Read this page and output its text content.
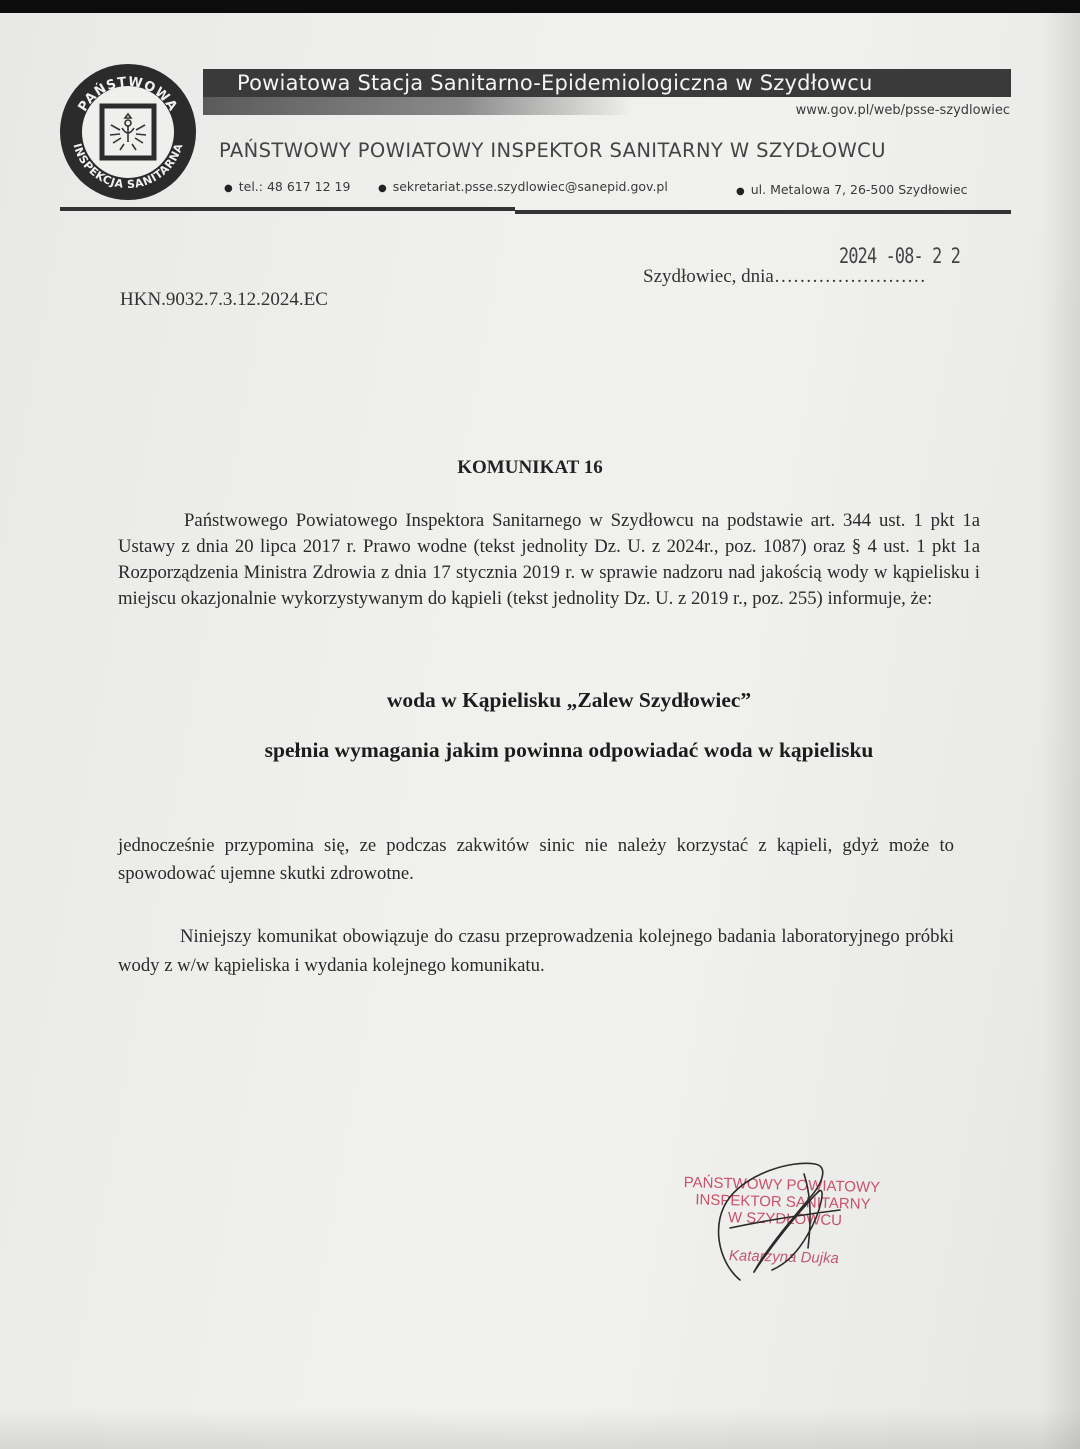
PAŃSTWOWA
INSPEKCJA SANITARNA
Powiatowa Stacja Sanitarno-Epidemiologiczna w Szydłowcu
www.gov.pl/web/psse-szydlowiec
PAŃSTWOWY POWIATOWY INSPEKTOR SANITARNY W SZYDŁOWCU
● tel.: 48 617 12 19	● sekretariat.psse.szydlowiec@sanepid.gov.pl	● ul. Metalowa 7, 26-500 Szydłowiec
2024 -08- 2 2
Szydłowiec, dnia……………………
HKN.9032.7.3.12.2024.EC
KOMUNIKAT 16
Państwowego Powiatowego Inspektora Sanitarnego w Szydłowcu na podstawie art. 344 ust. 1 pkt 1a Ustawy z dnia 20 lipca 2017 r. Prawo wodne (tekst jednolity Dz. U. z 2024r., poz. 1087) oraz § 4 ust. 1 pkt 1a Rozporządzenia Ministra Zdrowia z dnia 17 stycznia 2019 r. w sprawie nadzoru nad jakością wody w kąpielisku i miejscu okazjonalnie wykorzystywanym do kąpieli (tekst jednolity Dz. U. z 2019 r., poz. 255) informuje, że:
woda w Kąpielisku „Zalew Szydłowiec”
spełnia wymagania jakim powinna odpowiadać woda w kąpielisku
jednocześnie przypomina się, ze podczas zakwitów sinic nie należy korzystać z kąpieli, gdyż może to spowodować ujemne skutki zdrowotne.
Niniejszy komunikat obowiązuje do czasu przeprowadzenia kolejnego badania laboratoryjnego próbki wody z w/w kąpieliska i wydania kolejnego komunikatu.
PAŃSTWOWY POWIATOWY
INSPEKTOR SANITARNY
W SZYDŁOWCU
Katarzyna Dujka
